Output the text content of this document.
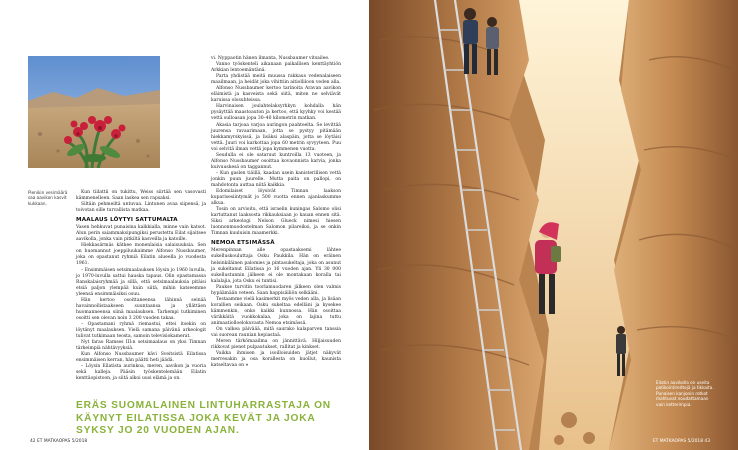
Pienikin vesimäärä saa aavikon kasvit kukkaan.

Kun tiilattii on tukittu, Weiss siirtää sen vasovasti kämmenelleen. Saan laskea sen rapsaksi.

Siltäin pehmeiltä untuvaa. Lintunen avaa siipensä, ja toivotan sille turvallista matkaa.

MAALAUS LÖYTYI SATTUMALTA

Vasen hehkuvat punaisina kalkkialla, minne vain katsot. Alun perin saiammaksipungiksi perustettu Eilat sijaitsee aavikolla, jonka vain pitkiltä kasveilla ja katoille.

Hiekkasärmäs kätkee monenlaisia salaisuuksia. Sen on huomannut joeppiluukaimme Alfonso Nussbaumer, joka on opastanut ryhmiä Eilatin alueella jo vuodesta 1961.

– Ensimmäisen setsimaalauksen löysin jo 1960 luvulla, jo 1970-luvulla sattui hauska tapaus. Olin opastamassa Ranskalaisryhmää ja sillä, että setsimaalauksia pitäisi etsiä paljon ylempää kuin siitä, mihin katseemme yleensä ensimmäisiksi osuu.

Hän kertoo osoittaneensa lähinnä seinää havainnollistaakseen suuntaansa ja yllättäen huomanneensa siinä maalauksen. Tarkempi tutkiminen osoitti sen olevan noin 3 200 vuoden takaa.

– Opastamani ryhmä riemastui, ettei itsekin on löytänyt maalauksen. Vielä samana päivänä arkeologit tulivat tutkimaan teosta, samoin televisiokamerat.

Nyt farao Ramses III:n setsimaalaus on yksi Timnan tärkeimpiä nähtävyyksiä.

Kun Alfonso Nussbaumer kävi Sveitsistä Eilatissa ensimmäisen kerran, hän päätti heti jäädä.

– Löysin Eilatista aurinkoa, meren, aavikon ja vuoria sekä kalleja. Pääsin työskentelemään Eilatin kenttäopistoon, ja siitä alkoi uusi elämä ja on.

vi. Nyppaotin hänen ilmanta, Nussbaumer vitsailee.

Vanno työskenteli aikanaan paikallisen kenttäyhtiön Arkkian lentoemäntänä.

Parta yhdistää meitä muussa rakkaus vedenalaiseen maailmaan, ja heidät joka vihittiin aitiolliloon veden alla.

Alfonso Nussbaumer kertoo tarinoita Aravan aavikon eläimistä ja kasveista sekä siitä, miten ne selviävät karuissa olosuhteissa.

Harvinaisen joulahtelaksyrhkyn kohdalla hän pysäyttää maastoauton ja kertoo, että kyyhky voi kestää vettä sulloasan jopa 30–40 kilometrin matkan.

Akasia tarjoaa varjoa auringon paahteelta. Se levittää juurensa ravaarimaan, jotta se pystyy pitämään hiekkamyrskyissä, ja lisäksi alaspäin, jotta se löytäisi vettä. Juuri voi karkottaa jopa 60 metrin syvyyteen. Puu voi selvitä ilman vettä jopa kymmenen vuotta.

Seudulla ei ole sataruut kuntroilla 13 vuoteen, ja Alfonso Nussbaumer osoittaa kovaonnista karvia, jonka kuivuuskesä on taggannut.

– Kun gaslen tiäillä, kaadan usein kanisterillisen vettä jonkin puun juurelle. Mutta paita on pallopi, on mahdotonta auttaa niitä kaikkia.

Edomilaiset löysivät Timnan laakson kuparisesiintymät jo 500 vuotta ennen ajanlaskumme alkua.

Tosin on arvioitu, että israelin kuningas Salomo olisi kartuttanut laaksosta rikkauksiaan jo kauan ennen sitä. Siksi arkeologi Nelson Glueck nimesi hiesen luonnonmuodostelman Salomon pilareiksi, ja se onkin Timnan kuuluisin maamerkki.

NEMOA ETSIMÄSSÄ

Merenpinnan alle opastaaksemi lähtee sukelluskouluttaja Osku Paukkila. Hän on eräinen helsinkiläinen palomies ja pintasukeltaja, joka on asunut ja sukeltanut Eilatissa jo 16 vuoden ajan. Yli 30 000 sukellustunnin jälkeen ei ole montakaan koralla tai kalalajia, jota Osku ei tuntisi.

Paukse turvitin toorlamuodaren jälkeen olen valmis hypäämään veteen. Saan happisäiliön selkääni.

Testaamme vielä kasimerkit myös veden alla, ja lisäan korallien seikaan. Osku sukeltaa edelläni ja kysekee kämmenkin, onko kaikki kunnossa. Hän osoittaa värikkäitä vuokkokalaa, joka on lajina tuttu animaatiolloelokuvasta Nemoa etsimässä.

On valkea päiväää, mitä saurako kalaparven tanssia vai suorean raunian kepiastaä.

Meren tärkömaailma on jännittävä. Hiljaisuuden rikkovat pienet pulpautukset, rallitat ja kinkset.

Vaikka ihmisen ja isoilloisuiden jätjet näkyvät merresakin ja osa korallesta on kuollut, kaunista katseltavaa on »

ERÄS SUOMALAINEN LINTUHARRASTAJA ON KÄYNYT EILATISSA JOKA KEVÄT JA JOKA SYKSY JO 20 VUODEN AJAN.
42 ET MATKAOPAS 5/2018
Eilatin aavikolla on useita patikointireittejä ja tikkaita. Punaisen kanjonin rotkot mahtuvat noudattamaan vain ketterimpia.
ET MATKAOPAS 5/2018 43
